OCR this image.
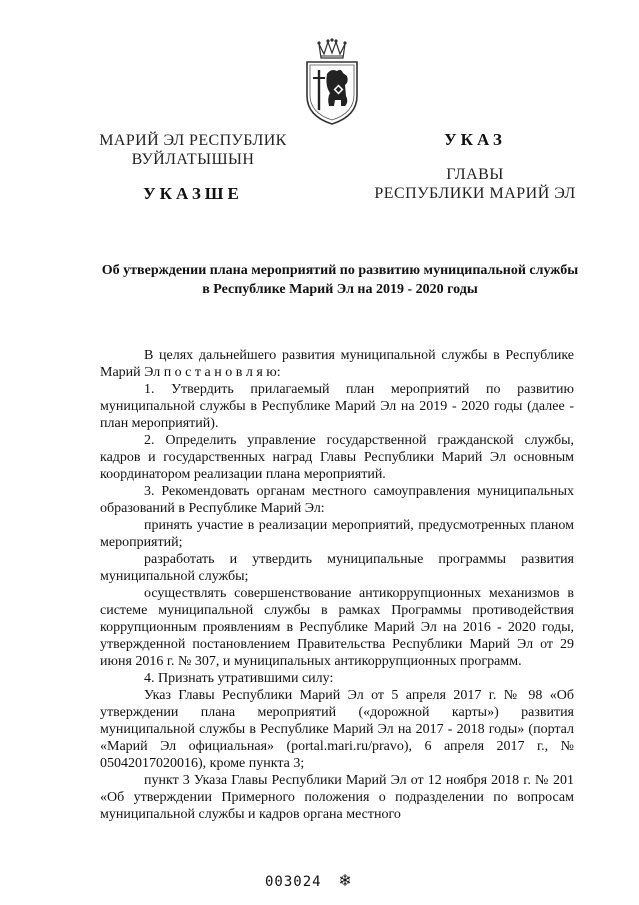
МАРИЙ ЭЛ РЕСПУБЛИК
ВУЙЛАТЫШЫН
УКАЗШЕ
УКАЗ
ГЛАВЫ
РЕСПУБЛИКИ МАРИЙ ЭЛ
Об утверждении плана мероприятий по развитию муниципальной службы в Республике Марий Эл на 2019 - 2020 годы

В целях дальнейшего развития муниципальной службы в Республике Марий Эл п о с т а н о в л я ю:

1. Утвердить прилагаемый план мероприятий по развитию муниципальной службы в Республике Марий Эл на 2019 - 2020 годы (далее - план мероприятий).

2. Определить управление государственной гражданской службы, кадров и государственных наград Главы Республики Марий Эл основным координатором реализации плана мероприятий.

3. Рекомендовать органам местного самоуправления муниципальных образований в Республике Марий Эл:

принять участие в реализации мероприятий, предусмотренных планом мероприятий;

разработать и утвердить муниципальные программы развития муниципальной службы;

осуществлять совершенствование антикоррупционных механизмов в системе муниципальной службы в рамках Программы противодействия коррупционным проявлениям в Республике Марий Эл на 2016 - 2020 годы, утвержденной постановлением Правительства Республики Марий Эл от 29 июня 2016 г. № 307, и муниципальных антикоррупционных программ.

4. Признать утратившими силу:

Указ Главы Республики Марий Эл от 5 апреля 2017 г. № 98 «Об утверждении плана мероприятий («дорожной карты») развития муниципальной службы в Республике Марий Эл на 2017 - 2018 годы» (портал «Марий Эл официальная» (portal.mari.ru/pravo), 6 апреля 2017 г., № 05042017020016), кроме пункта 3;

пункт 3 Указа Главы Республики Марий Эл от 12 ноября 2018 г. № 201 «Об утверждении Примерного положения о подразделении по вопросам муниципальной службы и кадров органа местного

003024 ❄
